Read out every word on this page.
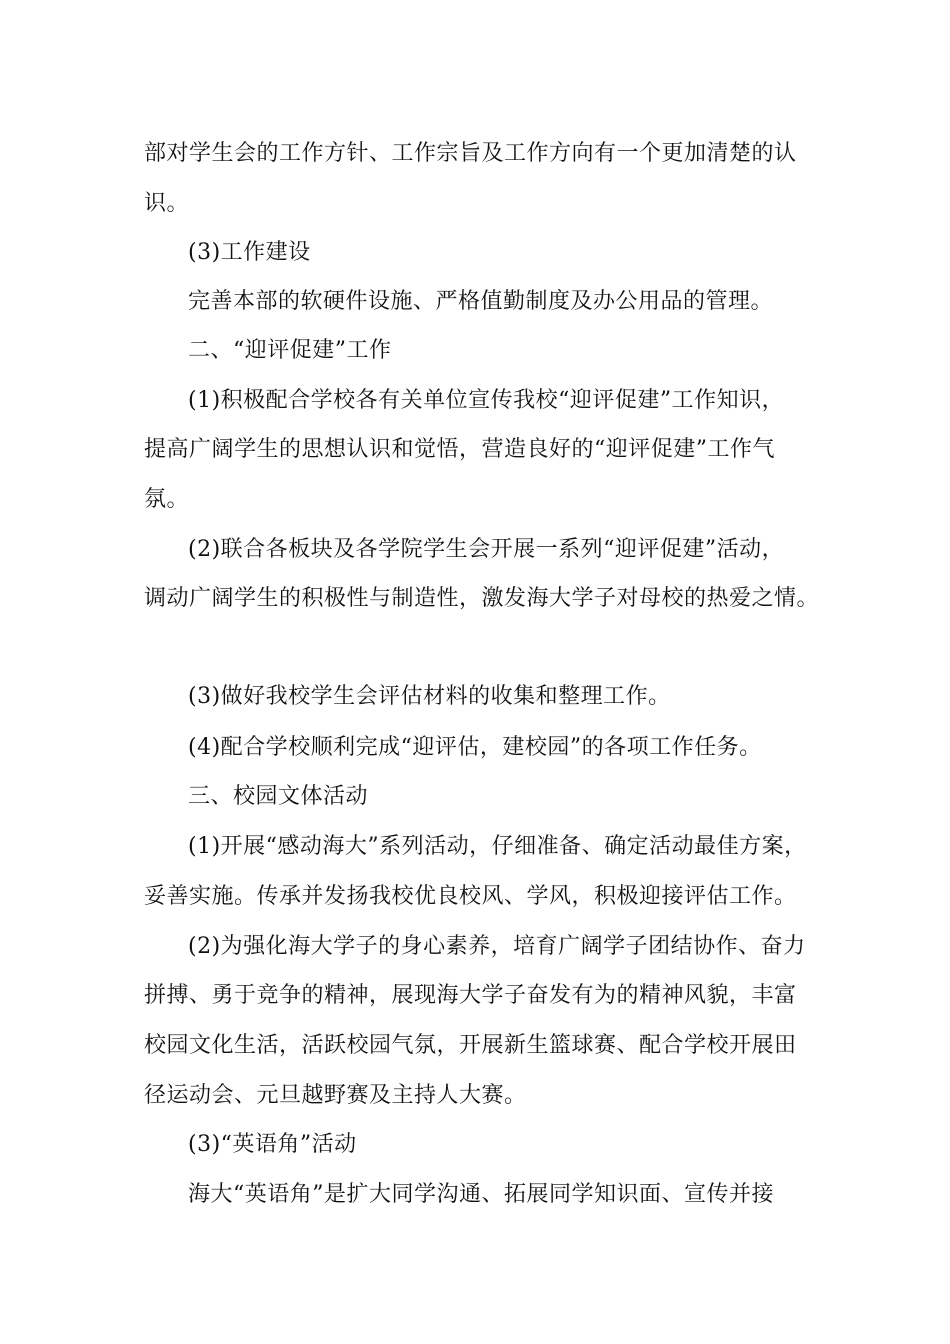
部对学生会的工作方针、工作宗旨及工作方向有一个更加清楚的认
识。
(3)工作建设
完善本部的软硬件设施、严格值勤制度及办公用品的管理。
二、“迎评促建”工作
(1)积极配合学校各有关单位宣传我校“迎评促建”工作知识，
提高广阔学生的思想认识和觉悟，营造良好的“迎评促建”工作气
氛。
(2)联合各板块及各学院学生会开展一系列“迎评促建”活动，
调动广阔学生的积极性与制造性，激发海大学子对母校的热爱之情。
(3)做好我校学生会评估材料的收集和整理工作。
(4)配合学校顺利完成“迎评估，建校园”的各项工作任务。
三、校园文体活动
(1)开展“感动海大”系列活动，仔细准备、确定活动最佳方案，
妥善实施。传承并发扬我校优良校风、学风，积极迎接评估工作。
(2)为强化海大学子的身心素养，培育广阔学子团结协作、奋力
拼搏、勇于竞争的精神，展现海大学子奋发有为的精神风貌，丰富
校园文化生活，活跃校园气氛，开展新生篮球赛、配合学校开展田
径运动会、元旦越野赛及主持人大赛。
(3)“英语角”活动
海大“英语角”是扩大同学沟通、拓展同学知识面、宣传并接
